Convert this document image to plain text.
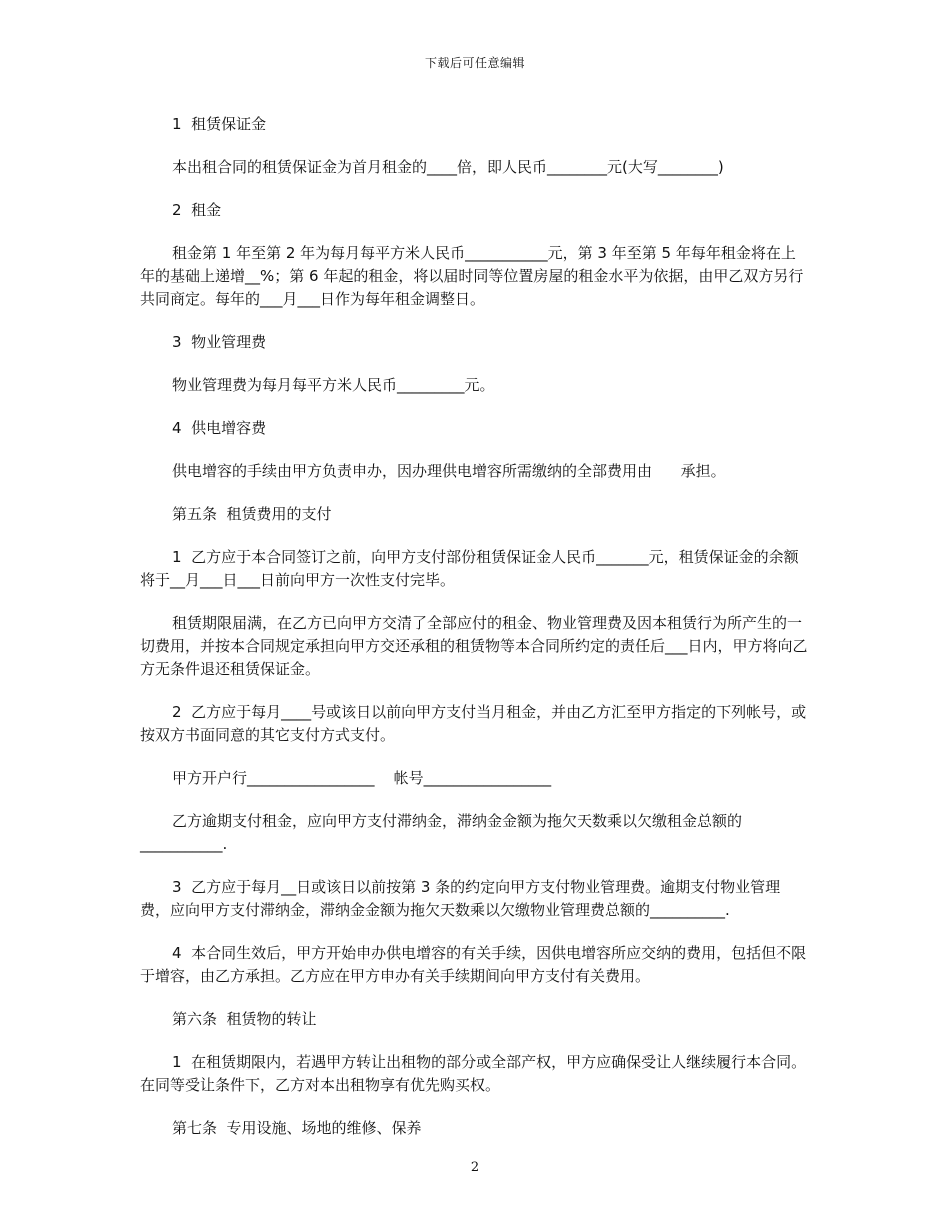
下载后可任意编辑

1  租赁保证金

本出租合同的租赁保证金为首月租金的____倍，即人民币________元(大写________)

2  租金

租金第 1 年至第 2 年为每月每平方米人民币___________元，第 3 年至第 5 年每年租金将在上年的基础上递增__%；第 6 年起的租金，将以届时同等位置房屋的租金水平为依据，由甲乙双方另行共同商定。每年的___月___日作为每年租金调整日。

3  物业管理费

物业管理费为每月每平方米人民币_________元。

4  供电增容费

供电增容的手续由甲方负责申办，因办理供电增容所需缴纳的全部费用由      承担。

第五条  租赁费用的支付

1  乙方应于本合同签订之前，向甲方支付部份租赁保证金人民币_______元，租赁保证金的余额将于__月___日___日前向甲方一次性支付完毕。

租赁期限届满，在乙方已向甲方交清了全部应付的租金、物业管理费及因本租赁行为所产生的一切费用，并按本合同规定承担向甲方交还承租的租赁物等本合同所约定的责任后___日内，甲方将向乙方无条件退还租赁保证金。

2  乙方应于每月____号或该日以前向甲方支付当月租金，并由乙方汇至甲方指定的下列帐号，或按双方书面同意的其它支付方式支付。

甲方开户行_________________    帐号_________________

乙方逾期支付租金，应向甲方支付滞纳金，滞纳金金额为拖欠天数乘以欠缴租金总额的___________.

3  乙方应于每月__日或该日以前按第 3 条的约定向甲方支付物业管理费。逾期支付物业管理费，应向甲方支付滞纳金，滞纳金金额为拖欠天数乘以欠缴物业管理费总额的__________.

4  本合同生效后，甲方开始申办供电增容的有关手续，因供电增容所应交纳的费用，包括但不限于增容，由乙方承担。乙方应在甲方申办有关手续期间向甲方支付有关费用。

第六条  租赁物的转让

1  在租赁期限内，若遇甲方转让出租物的部分或全部产权，甲方应确保受让人继续履行本合同。在同等受让条件下，乙方对本出租物享有优先购买权。

第七条  专用设施、场地的维修、保养

2
